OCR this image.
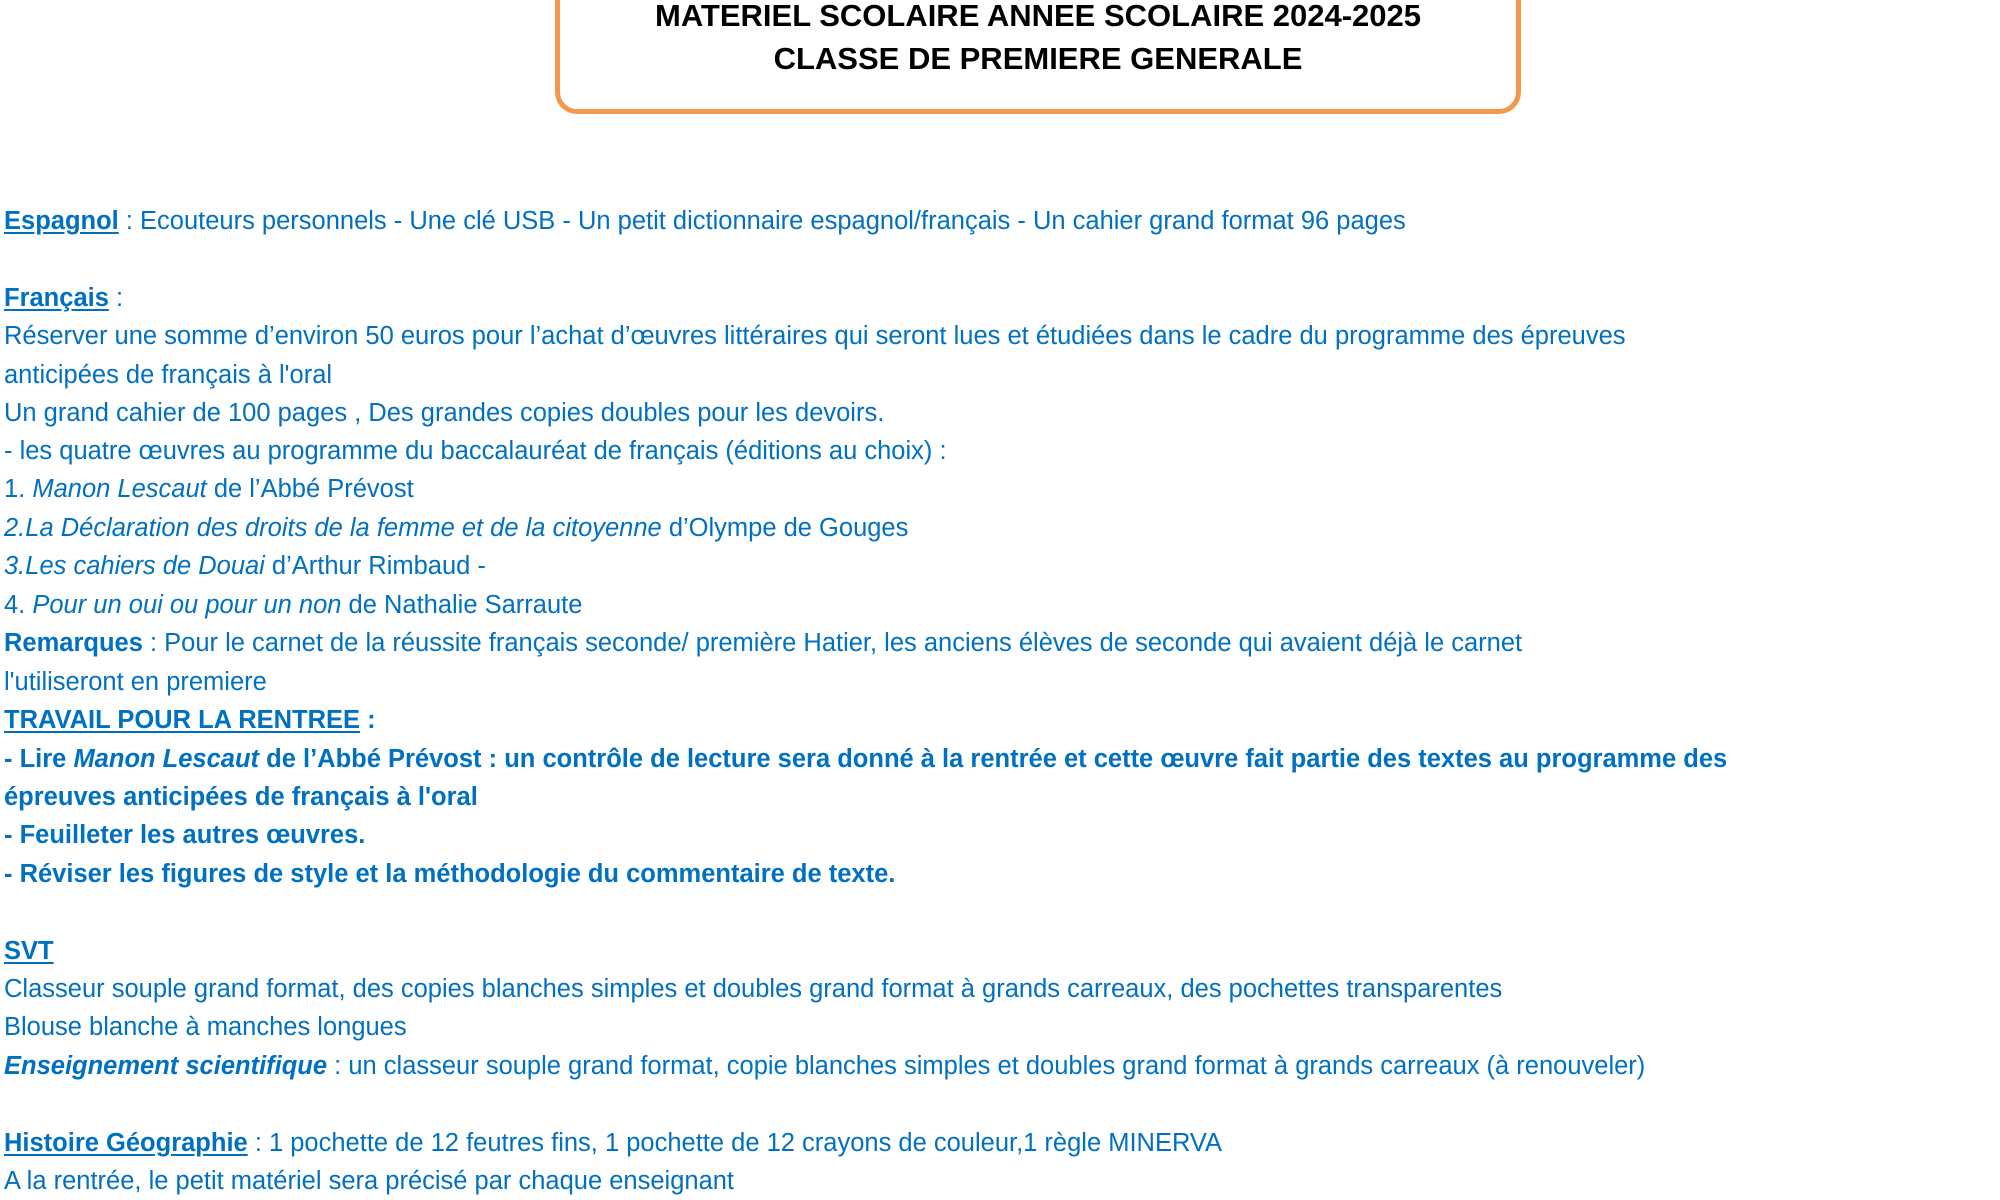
MATERIEL SCOLAIRE ANNEE SCOLAIRE 2024-2025
CLASSE DE PREMIERE GENERALE
Espagnol : Ecouteurs personnels - Une clé USB - Un petit dictionnaire espagnol/français - Un cahier grand format 96 pages
Français :
Réserver une somme d’environ 50 euros pour l’achat d’œuvres littéraires qui seront lues et étudiées dans le cadre du programme des épreuves
anticipées de français à l'oral
Un grand cahier de 100 pages , Des grandes copies doubles pour les devoirs.
- les quatre œuvres au programme du baccalauréat de français (éditions au choix) :
1. Manon Lescaut de l’Abbé Prévost
2.La Déclaration des droits de la femme et de la citoyenne d’Olympe de Gouges
3.Les cahiers de Douai d’Arthur Rimbaud -
4. Pour un oui ou pour un non de Nathalie Sarraute
Remarques : Pour le carnet de la réussite français seconde/ première Hatier, les anciens élèves de seconde qui avaient déjà le carnet
l'utiliseront en premiere
TRAVAIL POUR LA RENTREE :
- Lire Manon Lescaut de l’Abbé Prévost : un contrôle de lecture sera donné à la rentrée et cette œuvre fait partie des textes au programme des
épreuves anticipées de français à l'oral
- Feuilleter les autres œuvres.
- Réviser les figures de style et la méthodologie du commentaire de texte.
SVT
Classeur souple grand format, des copies blanches simples et doubles grand format à grands carreaux, des pochettes transparentes
Blouse blanche à manches longues
Enseignement scientifique : un classeur souple grand format, copie blanches simples et doubles grand format à grands carreaux (à renouveler)
Histoire Géographie : 1 pochette de 12 feutres fins, 1 pochette de 12 crayons de couleur,1 règle MINERVA
A la rentrée, le petit matériel sera précisé par chaque enseignant
